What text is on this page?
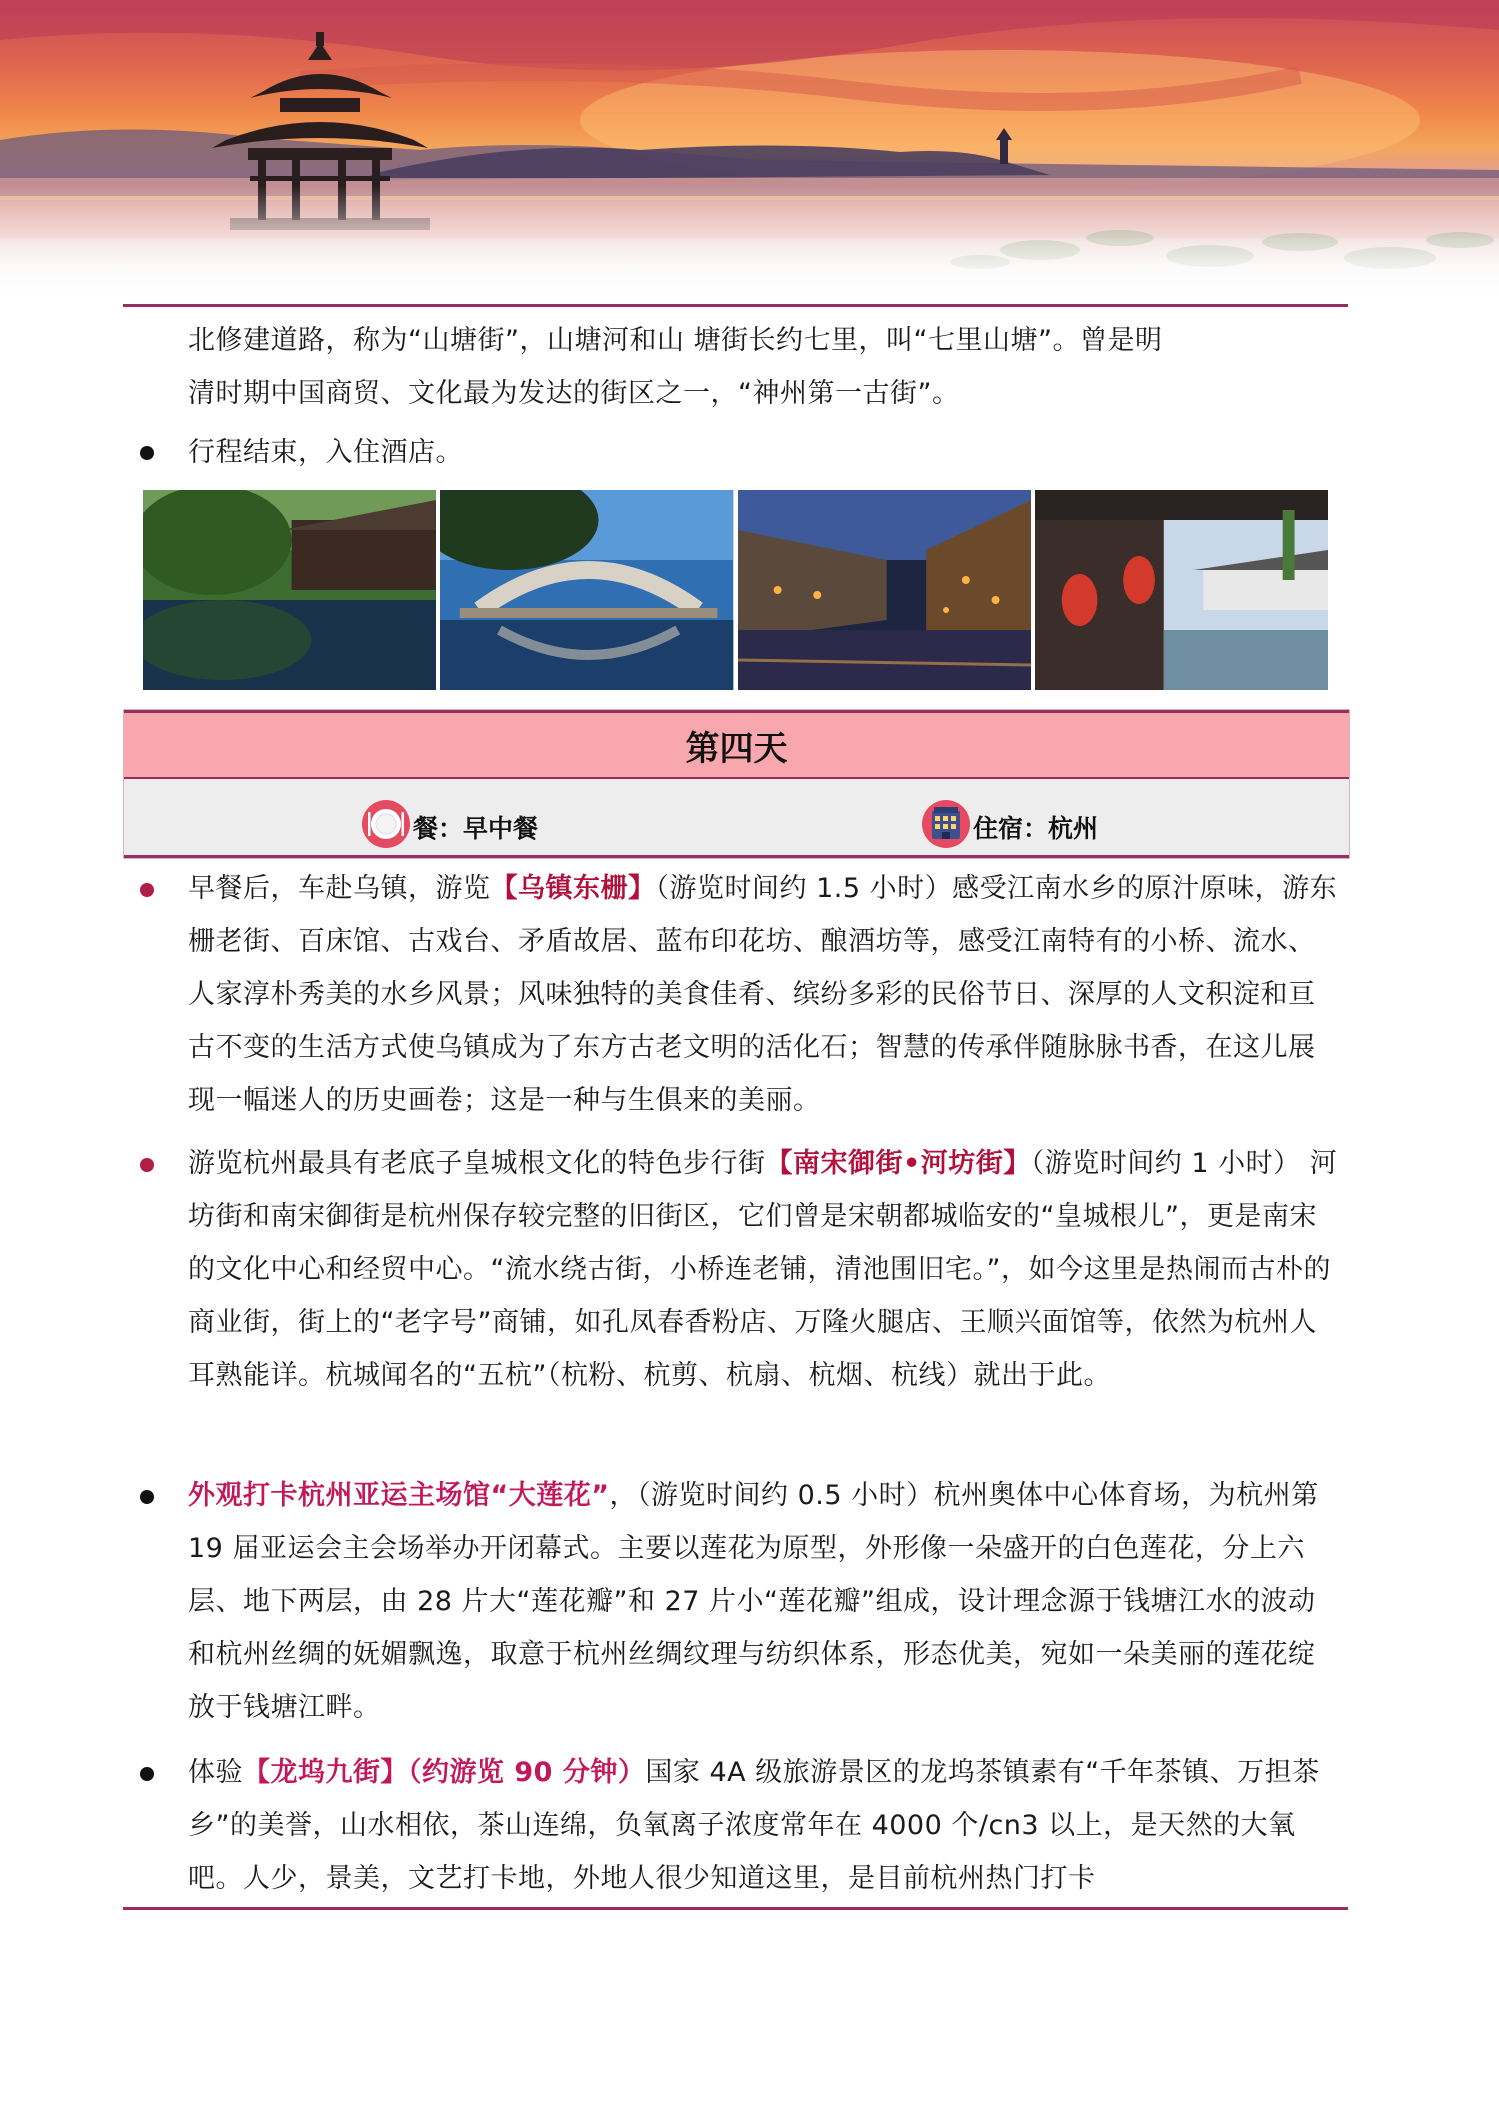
北修建道路，称为“山塘街”，山塘河和山 塘街长约七里，叫“七里山塘”。曾是明

清时期中国商贸、文化最为发达的街区之一，“神州第一古街”。

行程结束，入住酒店。

第四天
餐：早中餐	住宿：杭州

早餐后，车赴乌镇，游览【乌镇东栅】（游览时间约 1.5 小时）感受江南水乡的原汁原味，游东栅老街、百床馆、古戏台、矛盾故居、蓝布印花坊、酿酒坊等，感受江南特有的小桥、流水、人家淳朴秀美的水乡风景；风味独特的美食佳肴、缤纷多彩的民俗节日、深厚的人文积淀和亘古不变的生活方式使乌镇成为了东方古老文明的活化石；智慧的传承伴随脉脉书香，在这儿展现一幅迷人的历史画卷；这是一种与生俱来的美丽。

游览杭州最具有老底子皇城根文化的特色步行街【南宋御街•河坊街】（游览时间约 1 小时） 河坊街和南宋御街是杭州保存较完整的旧街区，它们曾是宋朝都城临安的“皇城根儿”，更是南宋的文化中心和经贸中心。“流水绕古街，小桥连老铺，清池围旧宅。”，如今这里是热闹而古朴的商业街，街上的“老字号”商铺，如孔凤春香粉店、万隆火腿店、王顺兴面馆等，依然为杭州人耳熟能详。杭城闻名的“五杭”（杭粉、杭剪、杭扇、杭烟、杭线）就出于此。

外观打卡杭州亚运主场馆“大莲花”，（游览时间约 0.5 小时）杭州奥体中心体育场，为杭州第 19 届亚运会主会场举办开闭幕式。主要以莲花为原型，外形像一朵盛开的白色莲花，分上六层、地下两层，由 28 片大“莲花瓣”和 27 片小“莲花瓣”组成，设计理念源于钱塘江水的波动和杭州丝绸的妩媚飘逸，取意于杭州丝绸纹理与纺织体系，形态优美，宛如一朵美丽的莲花绽放于钱塘江畔。

体验【龙坞九街】（约游览 90 分钟）国家 4A 级旅游景区的龙坞茶镇素有“千年茶镇、万担茶乡”的美誉，山水相依，茶山连绵，负氧离子浓度常年在 4000 个/cn3 以上，是天然的大氧吧。人少，景美，文艺打卡地，外地人很少知道这里，是目前杭州热门打卡
